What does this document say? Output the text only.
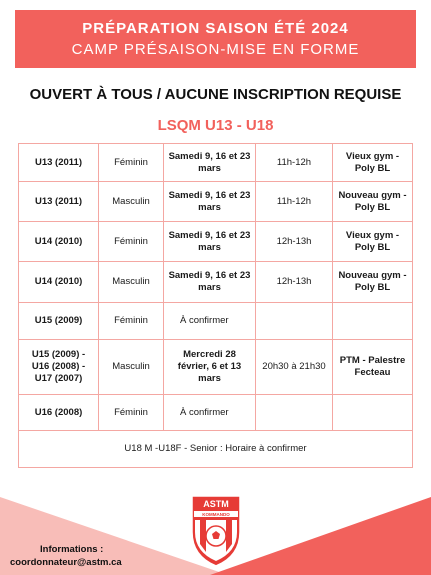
PRÉPARATION SAISON ÉTÉ 2024
CAMP PRÉSAISON-MISE EN FORME
OUVERT À TOUS / AUCUNE INSCRIPTION REQUISE
LSQM U13 - U18
U13 (2011)	Féminin	Samedi 9, 16 et 23 mars	11h-12h	Vieux gym - Poly BL
U13 (2011)	Masculin	Samedi 9, 16 et 23 mars	11h-12h	Nouveau gym - Poly BL
U14 (2010)	Féminin	Samedi 9, 16 et 23 mars	12h-13h	Vieux gym - Poly BL
U14 (2010)	Masculin	Samedi 9, 16 et 23 mars	12h-13h	Nouveau gym - Poly BL
U15 (2009)	Féminin	À confirmer		
U15 (2009) - U16 (2008) - U17 (2007)	Masculin	Mercredi 28 février, 6 et 13 mars	20h30 à 21h30	PTM - Palestre Fecteau
U16 (2008)	Féminin	À confirmer		
U18 M -U18F - Senior : Horaire à confirmer				
ASTM
KOMMANDO
Informations :
coordonnateur@astm.ca
